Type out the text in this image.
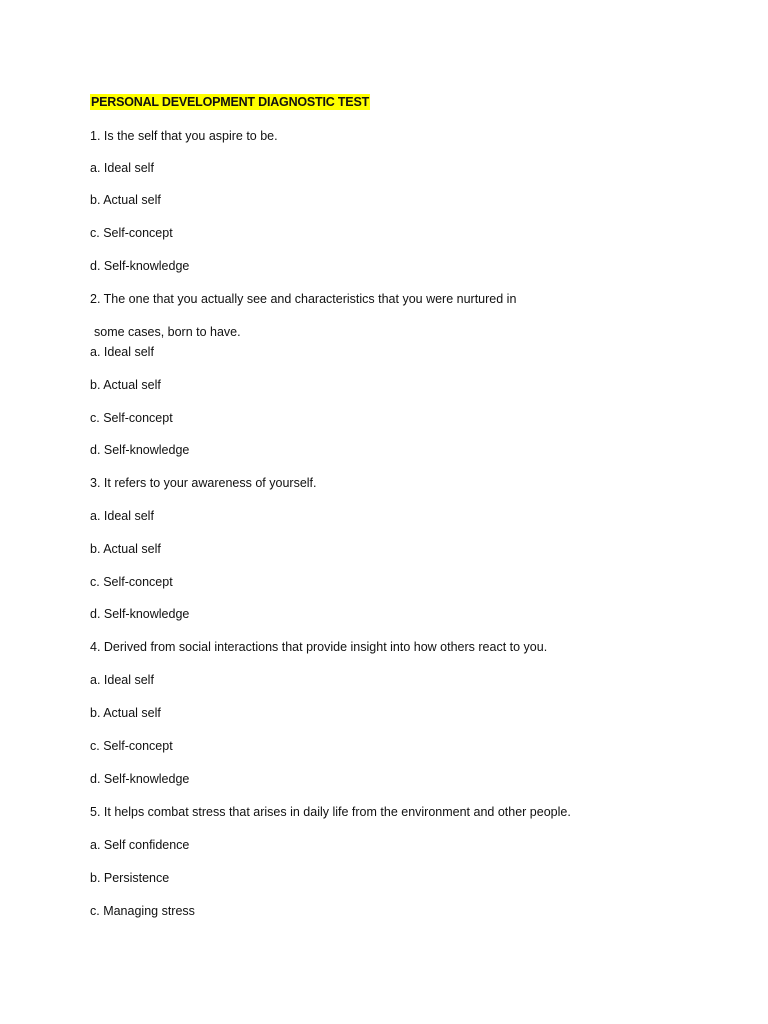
PERSONAL DEVELOPMENT DIAGNOSTIC TEST
1. Is the self that you aspire to be.
a. Ideal self
b. Actual self
c. Self-concept
d. Self-knowledge
2. The one that you actually see and characteristics that you were nurtured in
some cases, born to have.
a. Ideal self
b. Actual self
c. Self-concept
d. Self-knowledge
3. It refers to your awareness of yourself.
a. Ideal self
b. Actual self
c. Self-concept
d. Self-knowledge
4. Derived from social interactions that provide insight into how others react to you.
a. Ideal self
b. Actual self
c. Self-concept
d. Self-knowledge
5. It helps combat stress that arises in daily life from the environment and other people.
a. Self confidence
b. Persistence
c. Managing stress
